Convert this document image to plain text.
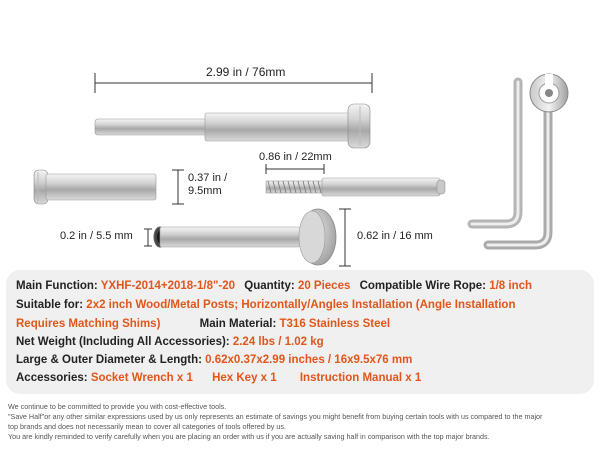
2.99 in / 76mm
0.37 in /
9.5mm
0.86 in / 22mm
0.2 in / 5.5 mm	0.62 in / 16 mm
Main Function: YXHF-2014+2018-1/8"-20 Quantity: 20 Pieces Compatible Wire Rope: 1/8 inch
Suitable for: 2x2 inch Wood/Metal Posts; Horizontally/Angles Installation (Angle Installation
Requires Matching Shims)	Main Material: T316 Stainless Steel
Net Weight (Including All Accessories): 2.24 lbs / 1.02 kg
Large & Outer Diameter & Length: 0.62x0.37x2.99 inches / 16x9.5x76 mm
Accessories: Socket Wrench x 1 Hex Key x 1 Instruction Manual x 1
We continue to be committed to provide you with cost-effective tools.
"Save Half"or any other similar expressions used by us only represents an estimate of savings you might benefit from buying certain tools with us compared to the major
top brands and does not necessarily mean to cover all categories of tools offered by us.
You are kindly reminded to verify carefully when you are placing an order with us if you are actually saving half in comparison with the top major brands.
